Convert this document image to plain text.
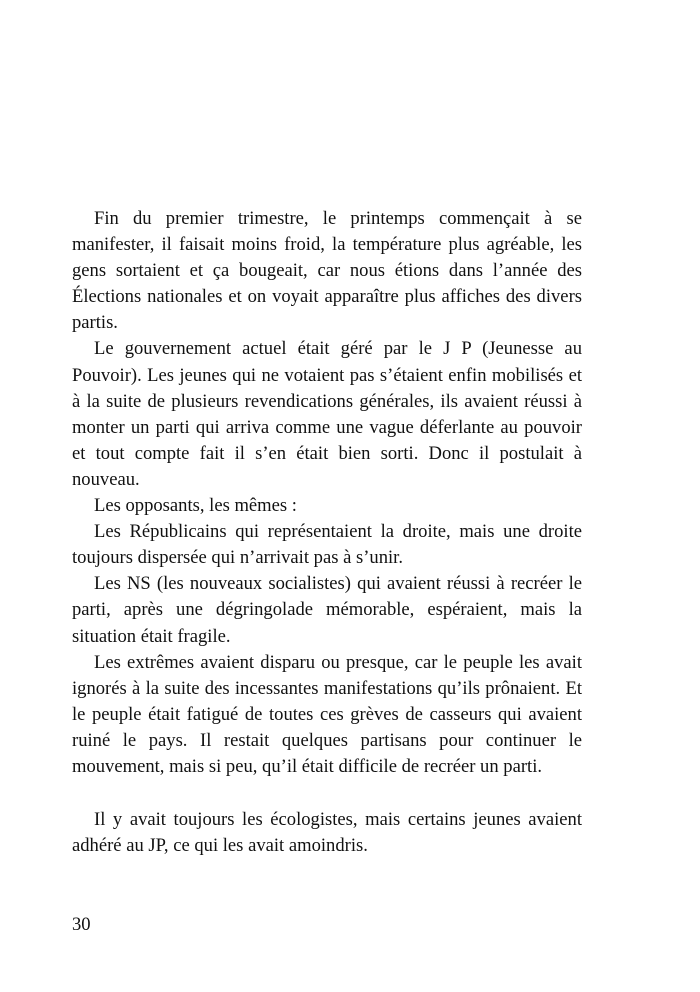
Fin du premier trimestre, le printemps commençait à se manifester, il faisait moins froid, la température plus agréable, les gens sortaient et ça bougeait, car nous étions dans l’année des Élections nationales et on voyait apparaître plus affiches des divers partis.

Le gouvernement actuel était géré par le J P (Jeunesse au Pouvoir). Les jeunes qui ne votaient pas s’étaient enfin mobilisés et à la suite de plusieurs revendications générales, ils avaient réussi à monter un parti qui arriva comme une vague déferlante au pouvoir et tout compte fait il s’en était bien sorti. Donc il postulait à nouveau.

Les opposants, les mêmes :

Les Républicains qui représentaient la droite, mais une droite toujours dispersée qui n’arrivait pas à s’unir.

Les NS (les nouveaux socialistes) qui avaient réussi à recréer le parti, après une dégringolade mémorable, espéraient, mais la situation était fragile.

Les extrêmes avaient disparu ou presque, car le peuple les avait ignorés à la suite des incessantes manifestations qu’ils prônaient. Et le peuple était fatigué de toutes ces grèves de casseurs qui avaient ruiné le pays. Il restait quelques partisans pour continuer le mouvement, mais si peu, qu’il était difficile de recréer un parti.

Il y avait toujours les écologistes, mais certains jeunes avaient adhéré au JP, ce qui les avait amoindris.

30
